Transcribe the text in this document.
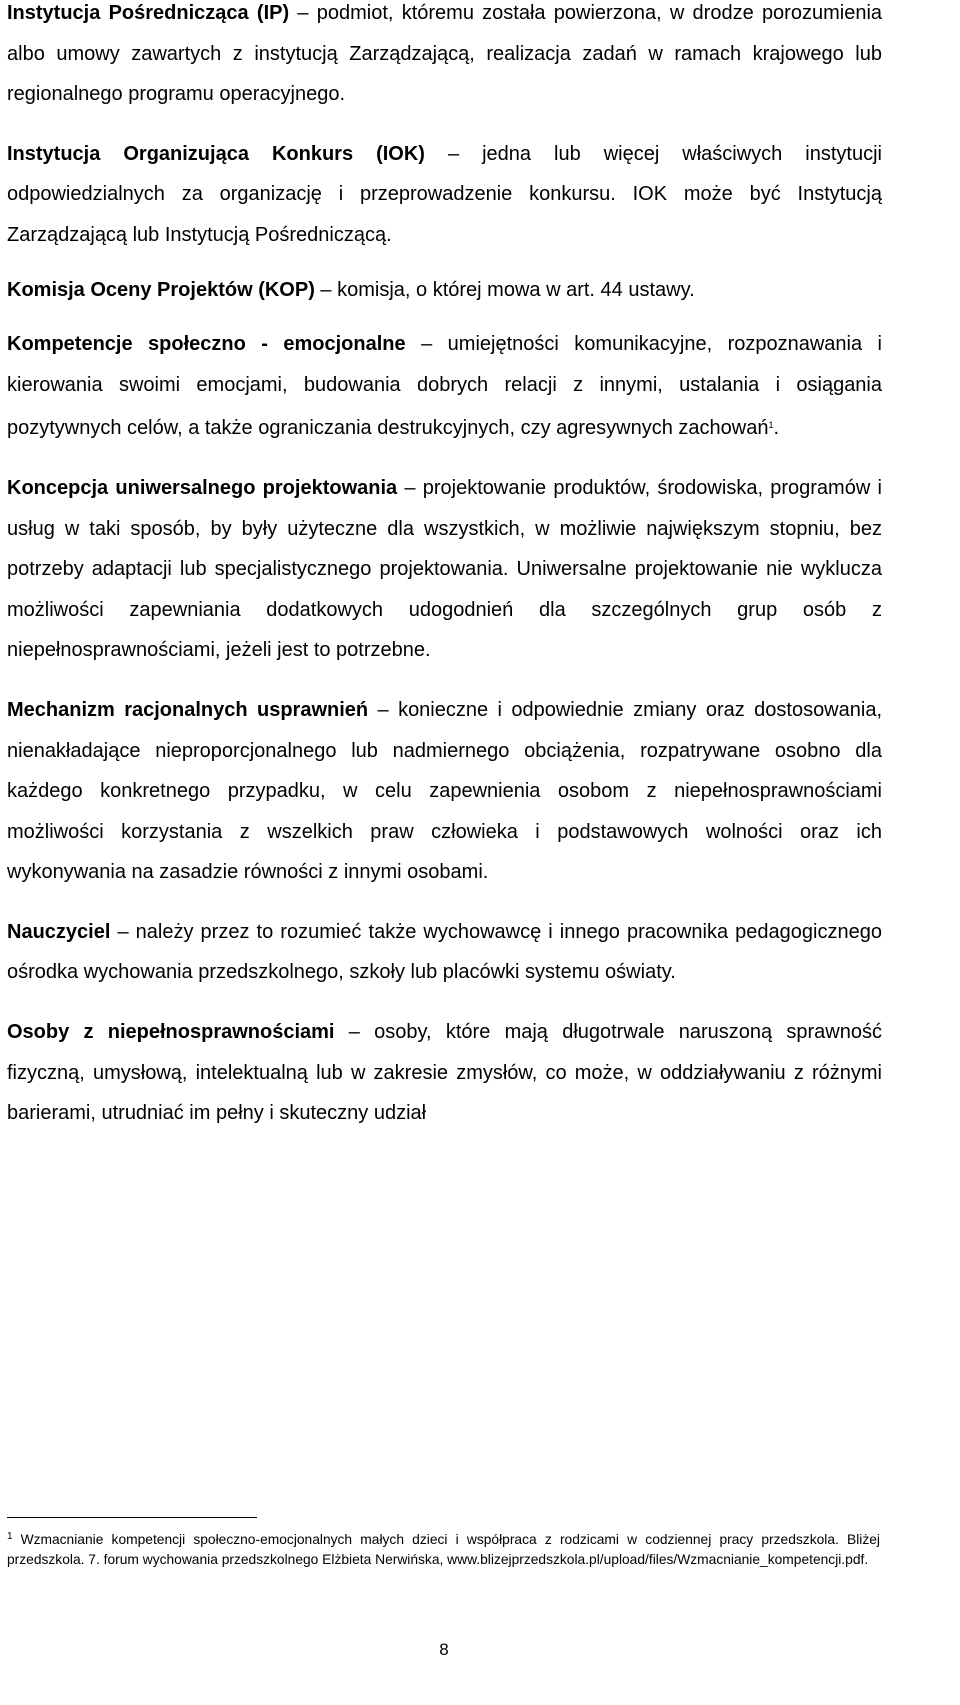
Instytucja Pośrednicząca (IP) – podmiot, któremu została powierzona, w drodze porozumienia albo umowy zawartych z instytucją Zarządzającą, realizacja zadań w ramach krajowego lub regionalnego programu operacyjnego.

Instytucja Organizująca Konkurs (IOK) – jedna lub więcej właściwych instytucji odpowiedzialnych za organizację i przeprowadzenie konkursu. IOK może być Instytucją Zarządzającą lub Instytucją Pośredniczącą.

Komisja Oceny Projektów (KOP) – komisja, o której mowa w art. 44 ustawy.

Kompetencje społeczno - emocjonalne – umiejętności komunikacyjne, rozpoznawania i kierowania swoimi emocjami, budowania dobrych relacji z innymi, ustalania i osiągania pozytywnych celów, a także ograniczania destrukcyjnych, czy agresywnych zachowań$^1$.

Koncepcja uniwersalnego projektowania – projektowanie produktów, środowiska, programów i usług w taki sposób, by były użyteczne dla wszystkich, w możliwie największym stopniu, bez potrzeby adaptacji lub specjalistycznego projektowania. Uniwersalne projektowanie nie wyklucza możliwości zapewniania dodatkowych udogodnień dla szczególnych grup osób z niepełnosprawnościami, jeżeli jest to potrzebne.

Mechanizm racjonalnych usprawnień – konieczne i odpowiednie zmiany oraz dostosowania, nienakładające nieproporcjonalnego lub nadmiernego obciążenia, rozpatrywane osobno dla każdego konkretnego przypadku, w celu zapewnienia osobom z niepełnosprawnościami możliwości korzystania z wszelkich praw człowieka i podstawowych wolności oraz ich wykonywania na zasadzie równości z innymi osobami.

Nauczyciel – należy przez to rozumieć także wychowawcę i innego pracownika pedagogicznego ośrodka wychowania przedszkolnego, szkoły lub placówki systemu oświaty.

Osoby z niepełnosprawnościami – osoby, które mają długotrwale naruszoną sprawność fizyczną, umysłową, intelektualną lub w zakresie zmysłów, co może, w oddziaływaniu z różnymi barierami, utrudniać im pełny i skuteczny udział

$^1$ Wzmacnianie kompetencji społeczno-emocjonalnych małych dzieci i współpraca z rodzicami w codziennej pracy przedszkola. Bliżej przedszkola. 7. forum wychowania przedszkolnego Elżbieta Nerwińska, www.blizejprzedszkola.pl/upload/files/Wzmacnianie_kompetencji.pdf.
8
